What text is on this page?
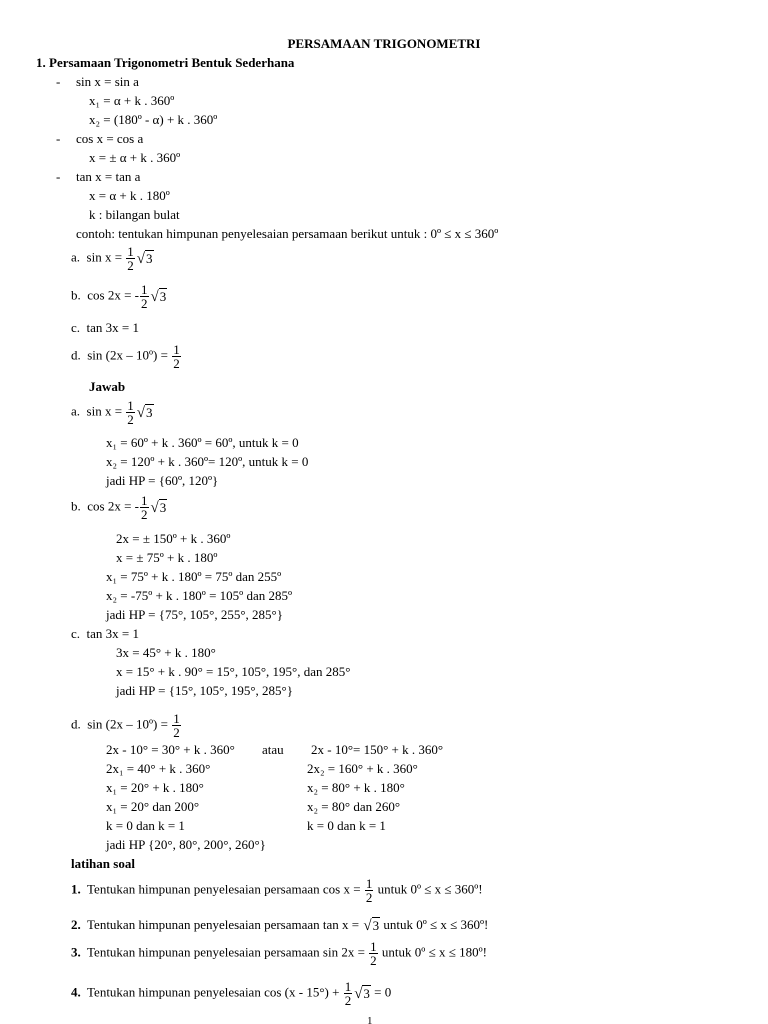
PERSAMAAN TRIGONOMETRI
1. Persamaan Trigonometri Bentuk Sederhana
- sin x = sin a
x₁ = α + k . 360º
x₂ = (180º - α) + k . 360º
- cos x = cos a
x = ± α + k . 360º
- tan x = tan a
x = α + k . 180º
k : bilangan bulat
contoh: tentukan himpunan penyelesaian persamaan berikut untuk : 0º ≤ x ≤ 360º
a. $\sin x = \frac{1}{2} √3$
b. cos 2x = - $\frac{1}{2} √3$
c. tan 3x = 1
d. sin (2x – 10º) = $\frac{1}{2}$
Jawab
a. $\sin x = \frac{1}{2} √3$
x₁ = 60º + k . 360º = 60º, untuk k = 0
x₂ = 120º + k . 360º= 120º, untuk k = 0
jadi HP = {60º, 120º}
b. cos 2x = - $\frac{1}{2} √3$
2x = ± 150º + k . 360º
x = ± 75º + k . 180º
x₁ = 75º + k . 180º = 75º dan 255º
x₂ = -75º + k . 180º = 105º dan 285º
jadi HP = {75°, 105°, 255°, 285°}
c. tan 3x = 1
3x = 45° + k . 180°
x = 15° + k . 90° = 15°, 105°, 195°, dan 285°
jadi HP = {15°, 105°, 195°, 285°}
d. sin (2x – 10º) = $\frac{1}{2}$
2x - 10° = 30° + k . 360° atau 2x - 10°= 150° + k . 360°
2x₁ = 40° + k . 360°	2x₂ = 160° + k . 360°
x₁ = 20° + k . 180°	x₂ = 80° + k . 180°
x₁ = 20° dan 200°	x₂ = 80° dan 260°
k = 0 dan k = 1	k = 0 dan k = 1
jadi HP {20°, 80°, 200°, 260°}
latihan soal
1. Tentukan himpunan penyelesaian persamaan $\cos x = \frac{1}{2}$ untuk 0º ≤ x ≤ 360º!
2. Tentukan himpunan penyelesaian persamaan tan x = √3 untuk 0º ≤ x ≤ 360º!
3. Tentukan himpunan penyelesaian persamaan $\sin 2x = \frac{1}{2}$ untuk 0º ≤ x ≤ 180º!
4. Tentukan himpunan penyelesaian $\cos (x - 15^\circ) + \frac{1}{2} √3 = 0$
1
